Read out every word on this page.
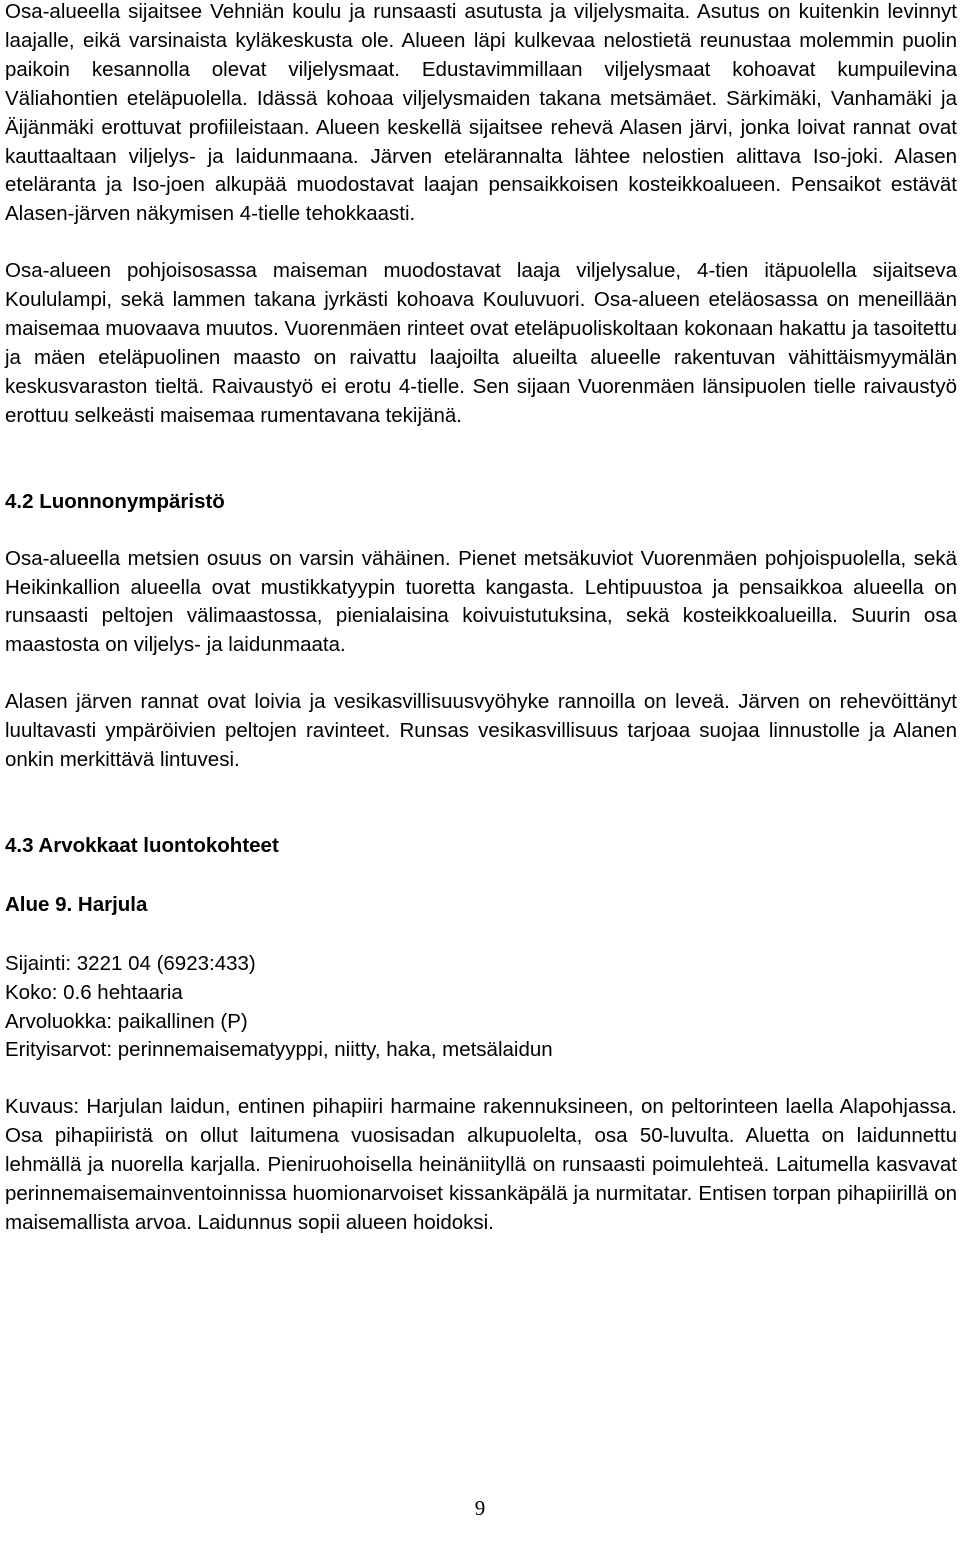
Osa-alueella sijaitsee Vehniän koulu ja runsaasti asutusta ja viljelysmaita. Asutus on kuitenkin levinnyt laajalle, eikä varsinaista kyläkeskusta ole. Alueen läpi kulkevaa nelostietä reunustaa molemmin puolin paikoin kesannolla olevat viljelysmaat. Edustavimmillaan viljelysmaat kohoavat kumpuilevina Väliahontien eteläpuolella. Idässä kohoaa viljelysmaiden takana metsämäet. Särkimäki, Vanhamäki ja Äijänmäki erottuvat profiileistaan. Alueen keskellä sijaitsee rehevä Alasen järvi, jonka loivat rannat ovat kauttaaltaan viljelys- ja laidunmaana. Järven etelärannalta lähtee nelostien alittava Iso-joki. Alasen eteläranta ja Iso-joen alkupää muodostavat laajan pensaikkoisen kosteikkoalueen. Pensaikot estävät Alasen-järven näkymisen 4-tielle tehokkaasti.

Osa-alueen pohjoisosassa maiseman muodostavat laaja viljelysalue, 4-tien itäpuolella sijaitseva Koululampi, sekä lammen takana jyrkästi kohoava Kouluvuori. Osa-alueen eteläosassa on meneillään maisemaa muovaava muutos. Vuorenmäen rinteet ovat eteläpuoliskoltaan kokonaan hakattu ja tasoitettu ja mäen eteläpuolinen maasto on raivattu laajoilta alueilta alueelle rakentuvan vähittäismyymälän keskusvaraston tieltä. Raivaustyö ei erotu 4-tielle. Sen sijaan Vuorenmäen länsipuolen tielle raivaustyö erottuu selkeästi maisemaa rumentavana tekijänä.

4.2 Luonnonympäristö

Osa-alueella metsien osuus on varsin vähäinen. Pienet metsäkuviot Vuorenmäen pohjoispuolella, sekä Heikinkallion alueella ovat mustikkatyypin tuoretta kangasta. Lehtipuustoa ja pensaikkoa alueella on runsaasti peltojen välimaastossa, pienialaisina koivuistutuksina, sekä kosteikkoalueilla. Suurin osa maastosta on viljelys- ja laidunmaata.

Alasen järven rannat ovat loivia ja vesikasvillisuusvyöhyke rannoilla on leveä. Järven on rehevöittänyt luultavasti ympäröivien peltojen ravinteet. Runsas vesikasvillisuus tarjoaa suojaa linnustolle ja Alanen onkin merkittävä lintuvesi.

4.3 Arvokkaat luontokohteet
Alue 9. Harjula
Sijainti: 3221 04 (6923:433)
Koko: 0.6 hehtaaria
Arvoluokka: paikallinen (P)
Erityisarvot: perinnemaisematyyppi, niitty, haka, metsälaidun

Kuvaus: Harjulan laidun, entinen pihapiiri harmaine rakennuksineen, on peltorinteen laella Alapohjassa. Osa pihapiiristä on ollut laitumena vuosisadan alkupuolelta, osa 50-luvulta. Aluetta on laidunnettu lehmällä ja nuorella karjalla. Pieniruohoisella heinäniityllä on runsaasti poimulehteä. Laitumella kasvavat perinnemaisemainventoinnissa huomionarvoiset kissankäpälä ja nurmitatar. Entisen torpan pihapiirillä on maisemallista arvoa. Laidunnus sopii alueen hoidoksi.

9
